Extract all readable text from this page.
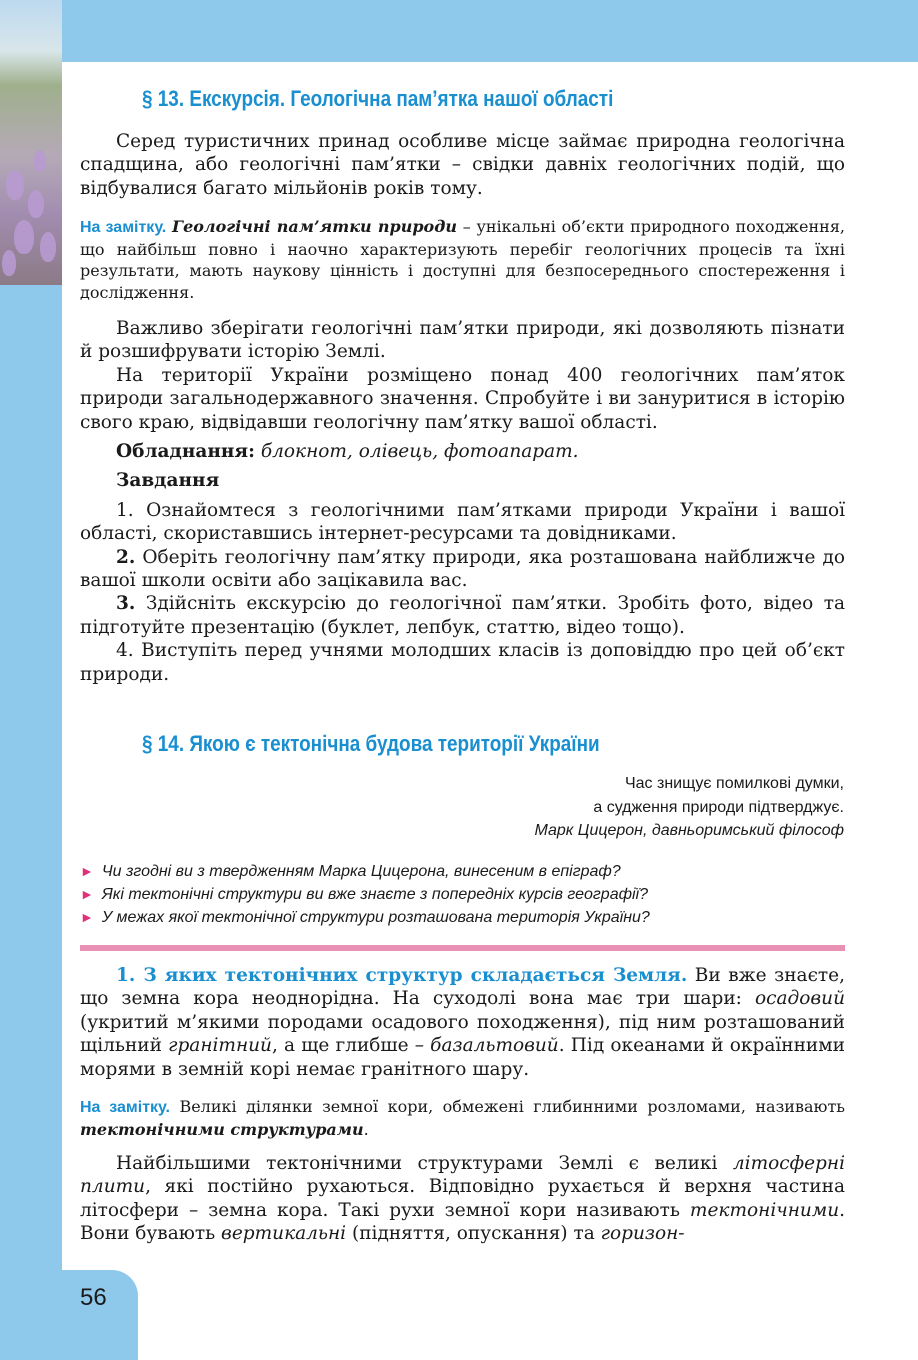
§ 13. Екскурсія. Геологічна пам’ятка нашої області

Серед туристичних принад особливе місце займає природна геологічна спадщина, або геологічні пам’ятки – свідки давніх геологічних подій, що відбувалися багато мільйонів років тому.

На замітку. Геологічні пам’ятки природи – унікальні об’єкти природного походження, що найбільш повно і наочно характеризують перебіг геологічних процесів та їхні результати, мають наукову цінність і доступні для безпосереднього спостереження і дослідження.

Важливо зберігати геологічні пам’ятки природи, які дозволяють пізнати й розшифрувати історію Землі.

На території України розміщено понад 400 геологічних пам’яток природи загальнодержавного значення. Спробуйте і ви зануритися в історію свого краю, відвідавши геологічну пам’ятку вашої області.

Обладнання: блокнот, олівець, фотоапарат.

Завдання

1. Ознайомтеся з геологічними пам’ятками природи України і вашої області, скориставшись інтернет-ресурсами та довідниками.

2. Оберіть геологічну пам’ятку природи, яка розташована найближче до вашої школи освіти або зацікавила вас.

3. Здійсніть екскурсію до геологічної пам’ятки. Зробіть фото, відео та підготуйте презентацію (буклет, лепбук, статтю, відео тощо).

4. Виступіть перед учнями молодших класів із доповіддю про цей об’єкт природи.

§ 14. Якою є тектонічна будова території України
Час знищує помилкові думки,
а судження природи підтверджує.
Марк Цицерон, давньоримський філософ
► Чи згодні ви з твердженням Марка Цицерона, винесеним в епіграф?
► Які тектонічні структури ви вже знаєте з попередніх курсів географії?
► У межах якої тектонічної структури розташована територія України?

1. З яких тектонічних структур складається Земля. Ви вже знаєте, що земна кора неоднорідна. На суходолі вона має три шари: осадовий (укритий м’якими породами осадового походження), під ним розташований щільний гранітний, а ще глибше – базальтовий. Під океанами й окраїнними морями в земній корі немає гранітного шару.

На замітку. Великі ділянки земної кори, обмежені глибинними розломами, називають тектонічними структурами.

Найбільшими тектонічними структурами Землі є великі літосферні плити, які постійно рухаються. Відповідно рухається й верхня частина літосфери – земна кора. Такі рухи земної кори називають тектонічними. Вони бувають вертикальні (підняття, опускання) та горизон-

56
